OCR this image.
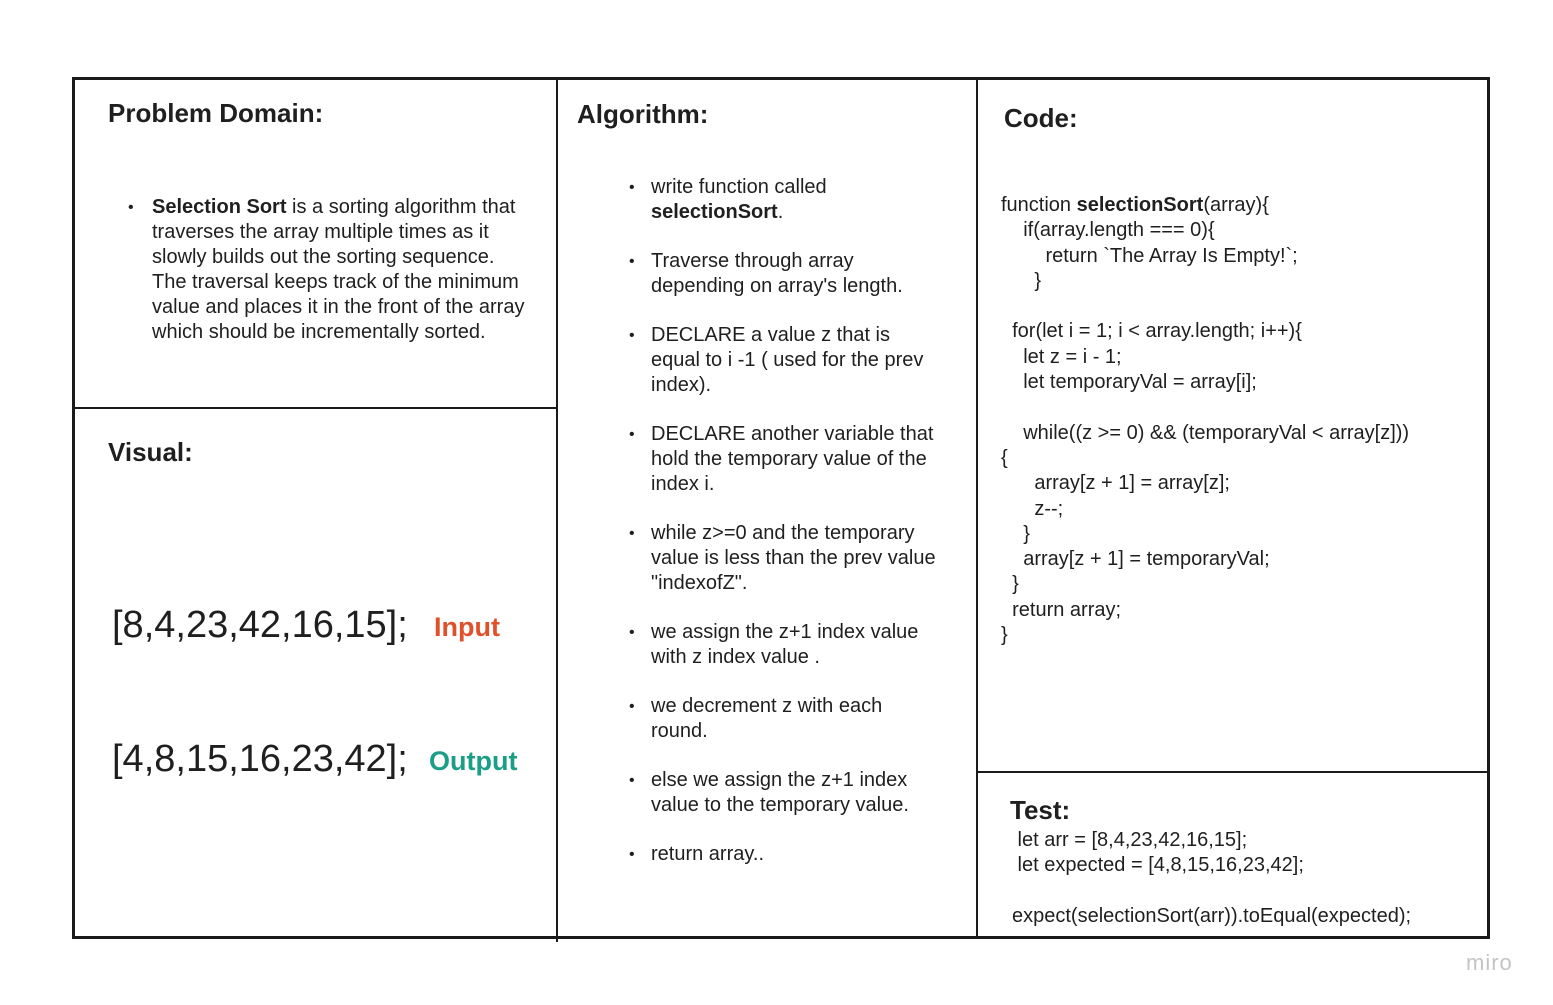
Problem Domain:
• Selection Sort is a sorting algorithm that traverses the array multiple times as it slowly builds out the sorting sequence. The traversal keeps track of the minimum value and places it in the front of the array which should be incrementally sorted.
Visual:
[8,4,23,42,16,15]; Input
[4,8,15,16,23,42]; Output
Algorithm:
• write function called selectionSort.
• Traverse through array depending on array's length.
• DECLARE a value z that is equal to i -1 ( used for the prev index).
• DECLARE another variable that hold the temporary value of the index i.
• while z>=0 and the temporary value is less than the prev value "indexofZ".
• we assign the z+1 index value with z index value .
• we decrement z with each round.
• else we assign the z+1 index value to the temporary value.
• return array..
Code:
function selectionSort(array){
if(array.length === 0){
return `The Array Is Empty!`;
}

for(let i = 1; i < array.length; i++){
let z = i - 1;
let temporaryVal = array[i];

while((z >= 0) && (temporaryVal < array[z]))
{
array[z + 1] = array[z];
z--;
}
array[z + 1] = temporaryVal;
}
return array;
}
Test:
let arr = [8,4,23,42,16,15];
let expected = [4,8,15,16,23,42];

expect(selectionSort(arr)).toEqual(expected);
miro
